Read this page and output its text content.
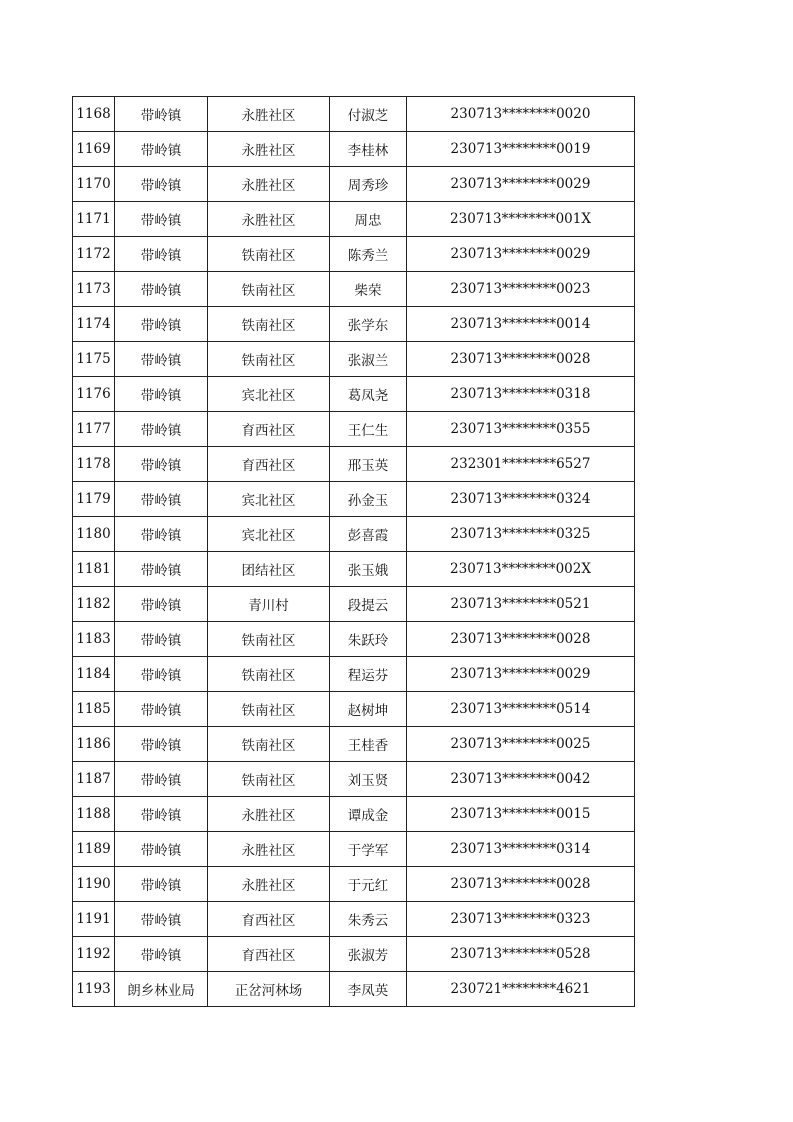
1168	带岭镇	永胜社区	付淑芝	230713********0020
1169	带岭镇	永胜社区	李桂林	230713********0019
1170	带岭镇	永胜社区	周秀珍	230713********0029
1171	带岭镇	永胜社区	周忠	230713********001X
1172	带岭镇	铁南社区	陈秀兰	230713********0029
1173	带岭镇	铁南社区	柴荣	230713********0023
1174	带岭镇	铁南社区	张学东	230713********0014
1175	带岭镇	铁南社区	张淑兰	230713********0028
1176	带岭镇	宾北社区	葛凤尧	230713********0318
1177	带岭镇	育西社区	王仁生	230713********0355
1178	带岭镇	育西社区	邢玉英	232301********6527
1179	带岭镇	宾北社区	孙金玉	230713********0324
1180	带岭镇	宾北社区	彭喜霞	230713********0325
1181	带岭镇	团结社区	张玉娥	230713********002X
1182	带岭镇	青川村	段提云	230713********0521
1183	带岭镇	铁南社区	朱跃玲	230713********0028
1184	带岭镇	铁南社区	程运芬	230713********0029
1185	带岭镇	铁南社区	赵树坤	230713********0514
1186	带岭镇	铁南社区	王桂香	230713********0025
1187	带岭镇	铁南社区	刘玉贤	230713********0042
1188	带岭镇	永胜社区	谭成金	230713********0015
1189	带岭镇	永胜社区	于学军	230713********0314
1190	带岭镇	永胜社区	于元红	230713********0028
1191	带岭镇	育西社区	朱秀云	230713********0323
1192	带岭镇	育西社区	张淑芳	230713********0528
1193	朗乡林业局	正岔河林场	李凤英	230721********4621
